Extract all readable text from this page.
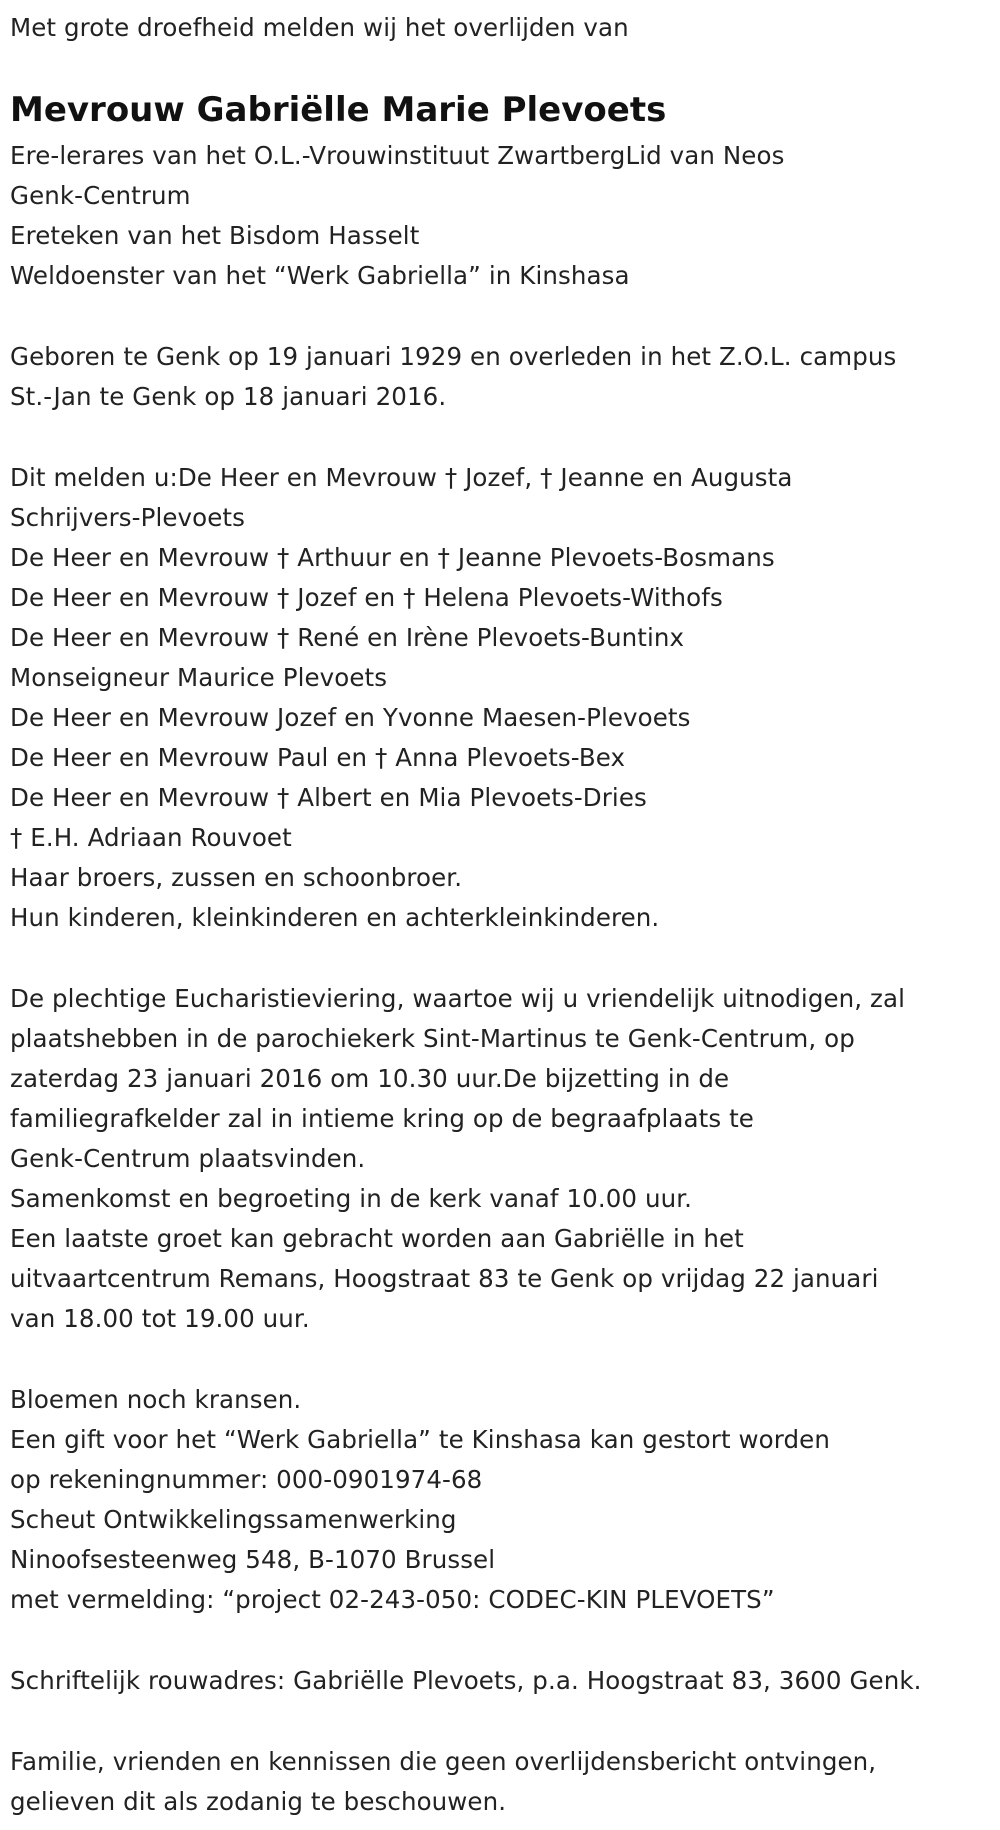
Met grote droefheid melden wij het overlijden van
Mevrouw Gabriëlle Marie Plevoets
Ere-lerares van het O.L.-Vrouwinstituut ZwartbergLid van Neos
Genk-Centrum
Ereteken van het Bisdom Hasselt
Weldoenster van het “Werk Gabriella” in Kinshasa
Geboren te Genk op 19 januari 1929 en overleden in het Z.O.L. campus
St.-Jan te Genk op 18 januari 2016.
Dit melden u:De Heer en Mevrouw † Jozef, † Jeanne en Augusta
Schrijvers-Plevoets
De Heer en Mevrouw † Arthuur en † Jeanne Plevoets-Bosmans
De Heer en Mevrouw † Jozef en † Helena Plevoets-Withofs
De Heer en Mevrouw † René en Irène Plevoets-Buntinx
Monseigneur Maurice Plevoets
De Heer en Mevrouw Jozef en Yvonne Maesen-Plevoets
De Heer en Mevrouw Paul en † Anna Plevoets-Bex
De Heer en Mevrouw † Albert en Mia Plevoets-Dries
† E.H. Adriaan Rouvoet
Haar broers, zussen en schoonbroer.
Hun kinderen, kleinkinderen en achterkleinkinderen.
De plechtige Eucharistieviering, waartoe wij u vriendelijk uitnodigen, zal
plaatshebben in de parochiekerk Sint-Martinus te Genk-Centrum, op
zaterdag 23 januari 2016 om 10.30 uur.De bijzetting in de
familiegrafkelder zal in intieme kring op de begraafplaats te
Genk-Centrum plaatsvinden.
Samenkomst en begroeting in de kerk vanaf 10.00 uur.
Een laatste groet kan gebracht worden aan Gabriëlle in het
uitvaartcentrum Remans, Hoogstraat 83 te Genk op vrijdag 22 januari
van 18.00 tot 19.00 uur.
Bloemen noch kransen.
Een gift voor het “Werk Gabriella” te Kinshasa kan gestort worden
op rekeningnummer: 000-0901974-68
Scheut Ontwikkelingssamenwerking
Ninoofsesteenweg 548, B-1070 Brussel
met vermelding: “project 02-243-050: CODEC-KIN PLEVOETS”
Schriftelijk rouwadres: Gabriëlle Plevoets, p.a. Hoogstraat 83, 3600 Genk.
Familie, vrienden en kennissen die geen overlijdensbericht ontvingen,
gelieven dit als zodanig te beschouwen.
